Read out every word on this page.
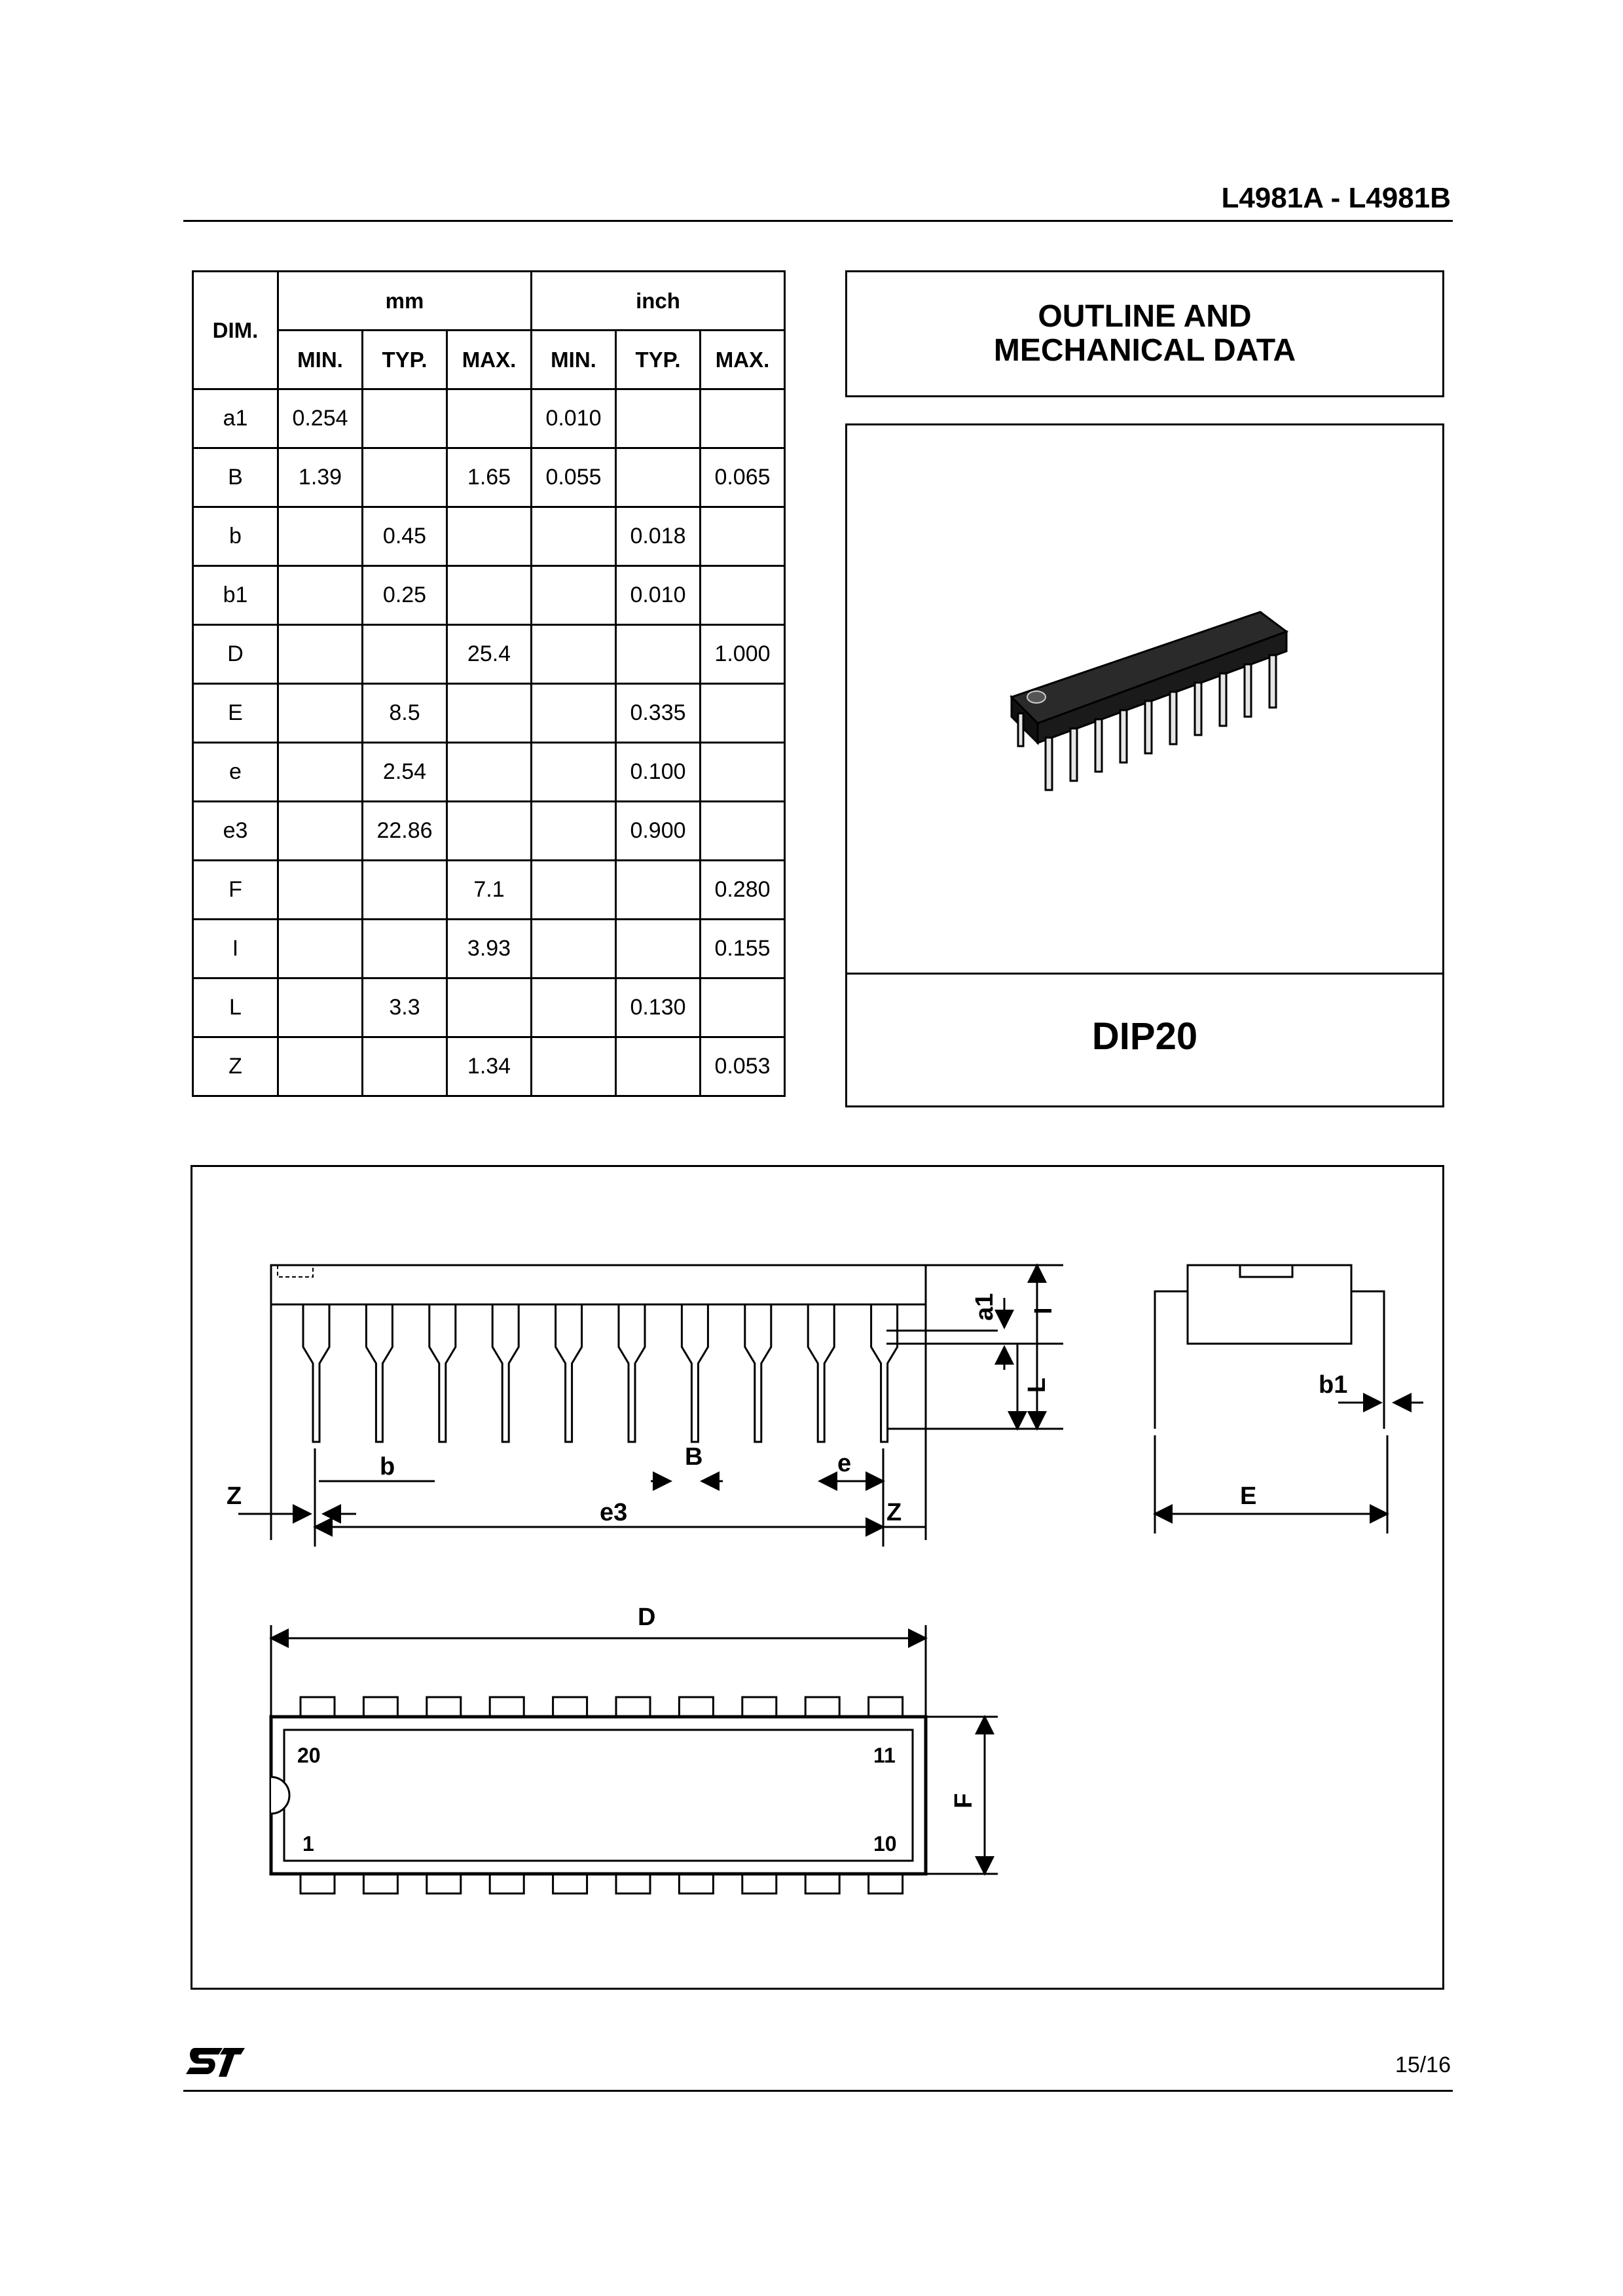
L4981A - L4981B
DIM.	mm			inch		
	MIN.	TYP.	MAX.	MIN.	TYP.	MAX.
a1	0.254			0.010		
B	1.39		1.65	0.055		0.065
b		0.45			0.018	
b1		0.25			0.010	
D			25.4			1.000
E		8.5			0.335	
e		2.54			0.100	
e3		22.86			0.900	
F			7.1			0.280
I			3.93			0.155
L		3.3			0.130	
Z			1.34			0.053
OUTLINE AND
MECHANICAL DATA
DIP20
Z
Z
b	B	e
e3
a1 I
L	b1
E
D
F
20	11
1	10
15/16
